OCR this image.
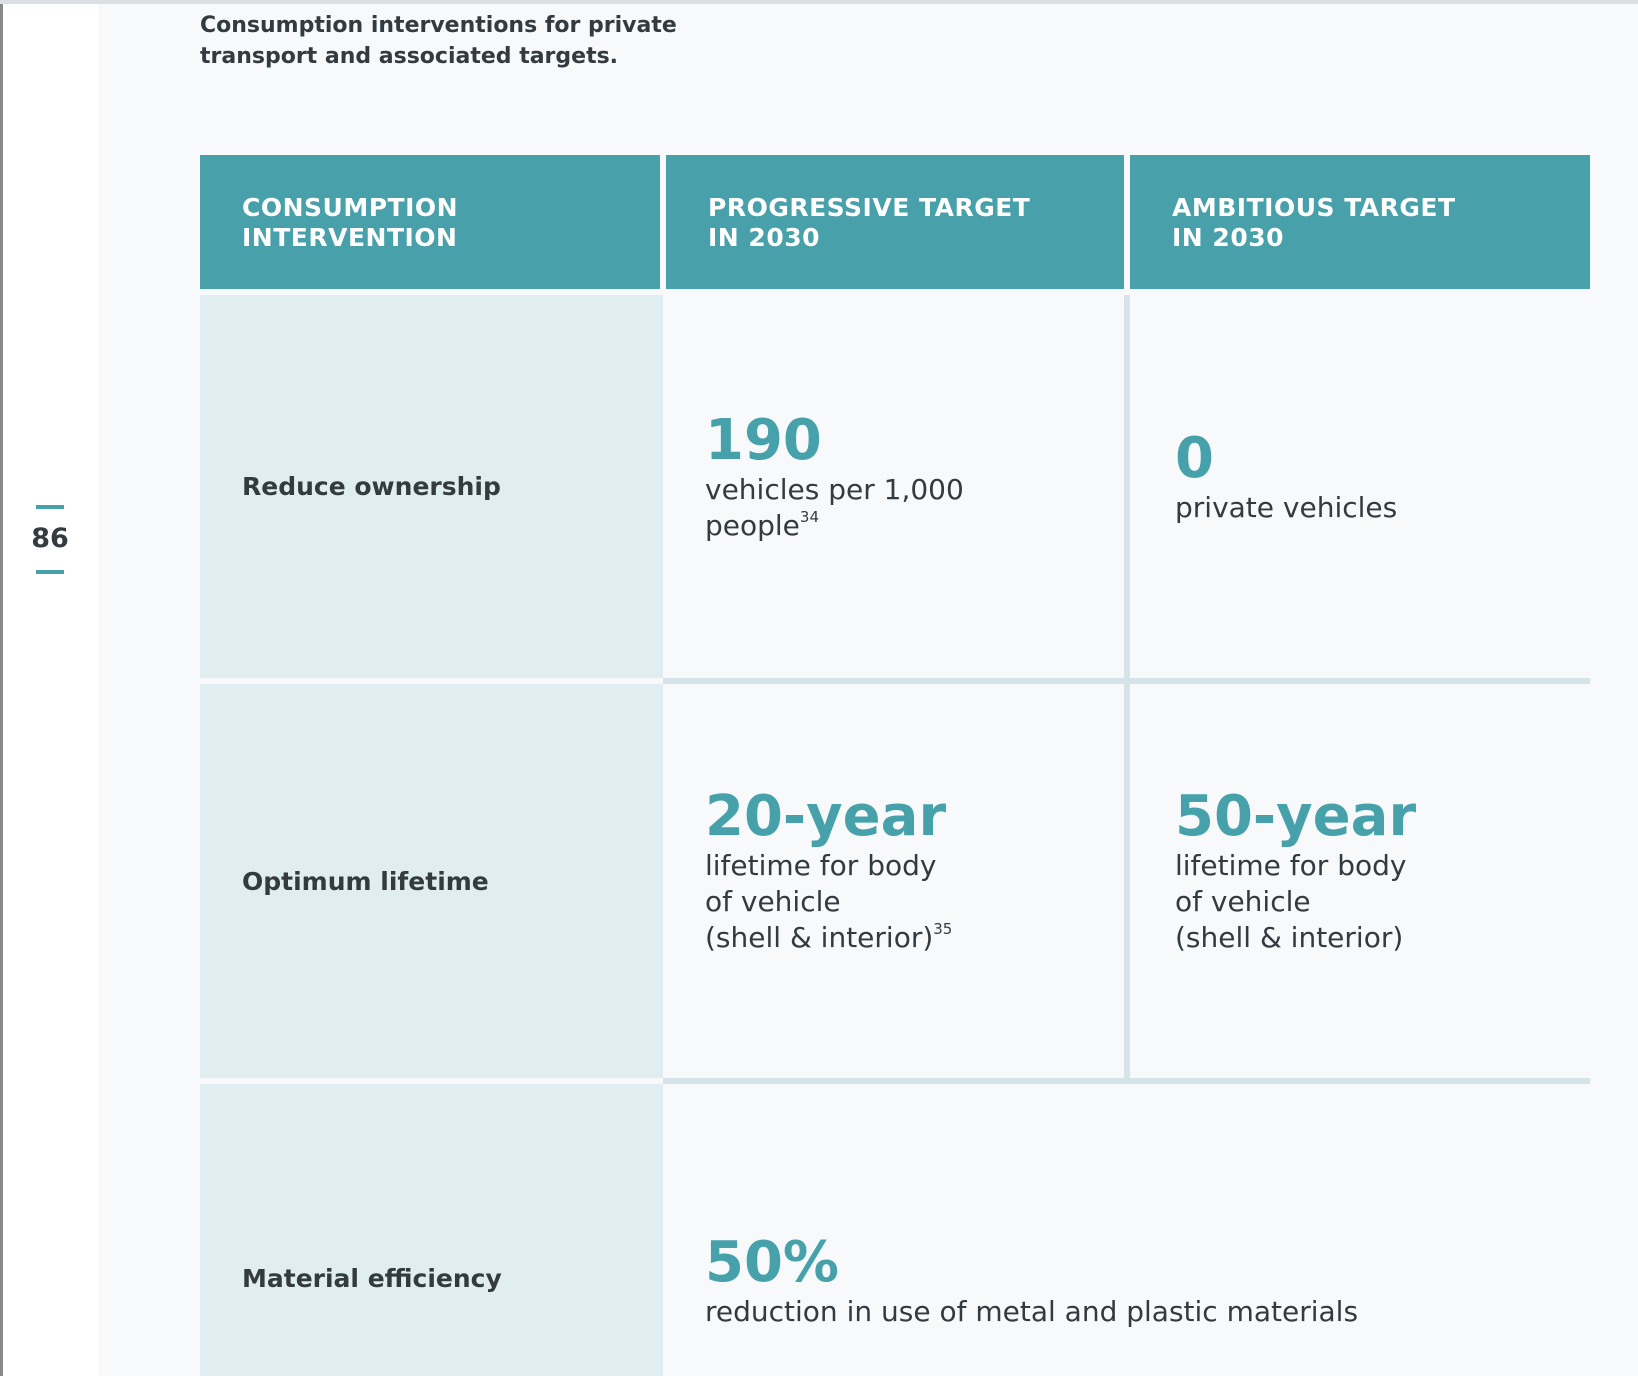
86
Consumption interventions for private
transport and associated targets.
CONSUMPTION
INTERVENTION
PROGRESSIVE TARGET
IN 2030
AMBITIOUS TARGET
IN 2030
Reduce ownership
190
vehicles per 1,000
people$^{34}$
0
private vehicles
Optimum lifetime
20-year
lifetime for body
of vehicle
(shell & interior)$^{35}$
50-year
lifetime for body
of vehicle
(shell & interior)
Material efficiency	50%
reduction in use of metal and plastic materials
